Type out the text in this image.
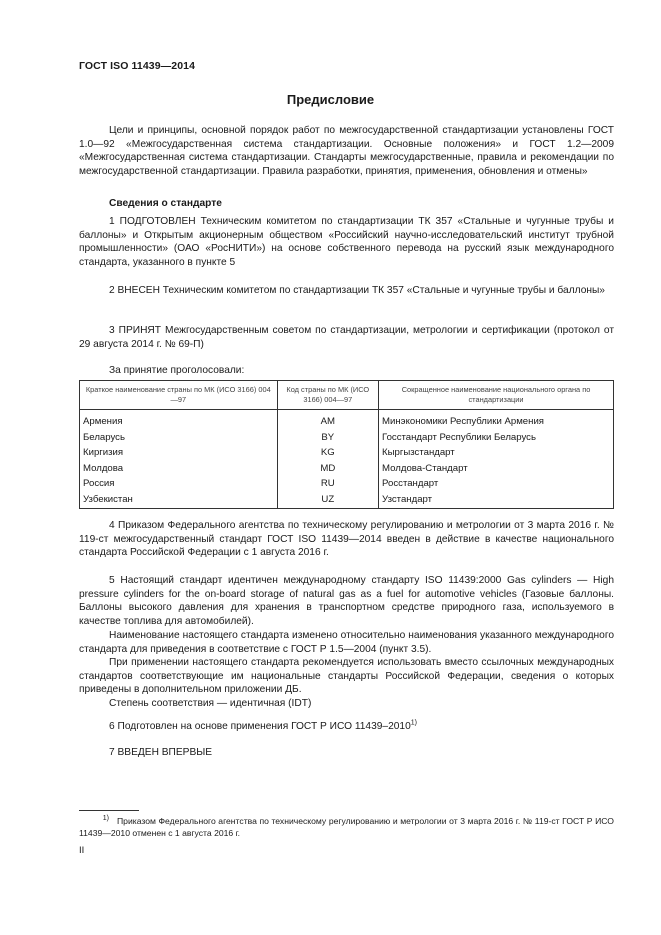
ГОСТ ISO 11439—2014
Предисловие
Цели и принципы, основной порядок работ по межгосударственной стандартизации установлены ГОСТ 1.0—92 «Межгосударственная система стандартизации. Основные положения» и ГОСТ 1.2—2009 «Межгосударственная система стандартизации. Стандарты межгосударственные, правила и рекомендации по межгосударственной стандартизации. Правила разработки, принятия, применения, обновления и отмены»
Сведения о стандарте
1 ПОДГОТОВЛЕН Техническим комитетом по стандартизации ТК 357 «Стальные и чугунные трубы и баллоны» и Открытым акционерным обществом «Российский научно-исследовательский институт трубной промышленности» (ОАО «РосНИТИ») на основе собственного перевода на русский язык международного стандарта, указанного в пункте 5
2 ВНЕСЕН Техническим комитетом по стандартизации ТК 357 «Стальные и чугунные трубы и баллоны»
3 ПРИНЯТ Межгосударственным советом по стандартизации, метрологии и сертификации (протокол от 29 августа 2014 г. № 69-П)
За принятие проголосовали:
Краткое наименование страны по МК (ИСО 3166) 004—97	Код страны по МК (ИСО 3166) 004—97	Сокращенное наименование национального органа по стандартизации
Армения	AM	Минэкономики Республики Армения
Беларусь	BY	Госстандарт Республики Беларусь
Киргизия	KG	Кыргызстандарт
Молдова	MD	Молдова-Стандарт
Россия	RU	Росстандарт
Узбекистан	UZ	Узстандарт
4 Приказом Федерального агентства по техническому регулированию и метрологии от 3 марта 2016 г. № 119-ст межгосударственный стандарт ГОСТ ISO 11439—2014 введен в действие в качестве национального стандарта Российской Федерации с 1 августа 2016 г.
5 Настоящий стандарт идентичен международному стандарту ISO 11439:2000 Gas cylinders — High pressure cylinders for the on-board storage of natural gas as a fuel for automotive vehicles (Газовые баллоны. Баллоны высокого давления для хранения в транспортном средстве природного газа, используемого в качестве топлива для автомобилей).
Наименование настоящего стандарта изменено относительно наименования указанного международного стандарта для приведения в соответствие с ГОСТ Р 1.5—2004 (пункт 3.5).
При применении настоящего стандарта рекомендуется использовать вместо ссылочных международных стандартов соответствующие им национальные стандарты Российской Федерации, сведения о которых приведены в дополнительном приложении ДБ.
Степень соответствия — идентичная (IDT)
6 Подготовлен на основе применения ГОСТ Р ИСО 11439–2010$^{1)}$
7 ВВЕДЕН ВПЕРВЫЕ
$^{1)}$ Приказом Федерального агентства по техническому регулированию и метрологии от 3 марта 2016 г. № 119-ст ГОСТ Р ИСО 11439—2010 отменен с 1 августа 2016 г.
II
